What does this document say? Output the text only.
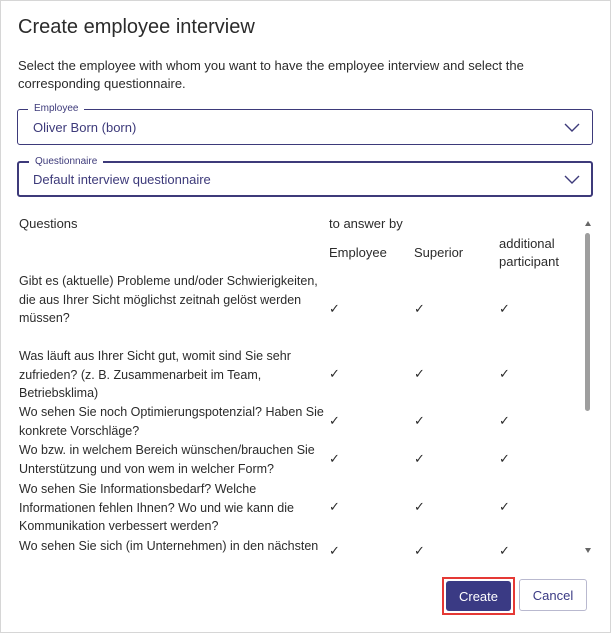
Create employee interview
Select the employee with whom you want to have the employee interview and select the corresponding questionnaire.
Employee
Oliver Born (born)
Questionnaire
Default interview questionnaire
Questions	to answer by
Employee Superior
additional participant
Gibt es (aktuelle) Probleme und/oder Schwierigkeiten, die aus Ihrer Sicht möglichst zeitnah gelöst werden müssen?
✓	✓	✓
Was läuft aus Ihrer Sicht gut, womit sind Sie sehr zufrieden? (z. B. Zusammenarbeit im Team, Betriebsklima)
✓	✓	✓
Wo sehen Sie noch Optimierungspotenzial? Haben Sie konkrete Vorschläge?
✓	✓	✓
Wo bzw. in welchem Bereich wünschen/brauchen Sie Unterstützung und von wem in welcher Form?
✓	✓	✓
Wo sehen Sie Informationsbedarf? Welche Informationen fehlen Ihnen? Wo und wie kann die Kommunikation verbessert werden?
✓	✓	✓
Wo sehen Sie sich (im Unternehmen) in den nächsten ✓	✓	✓
Create	Cancel
